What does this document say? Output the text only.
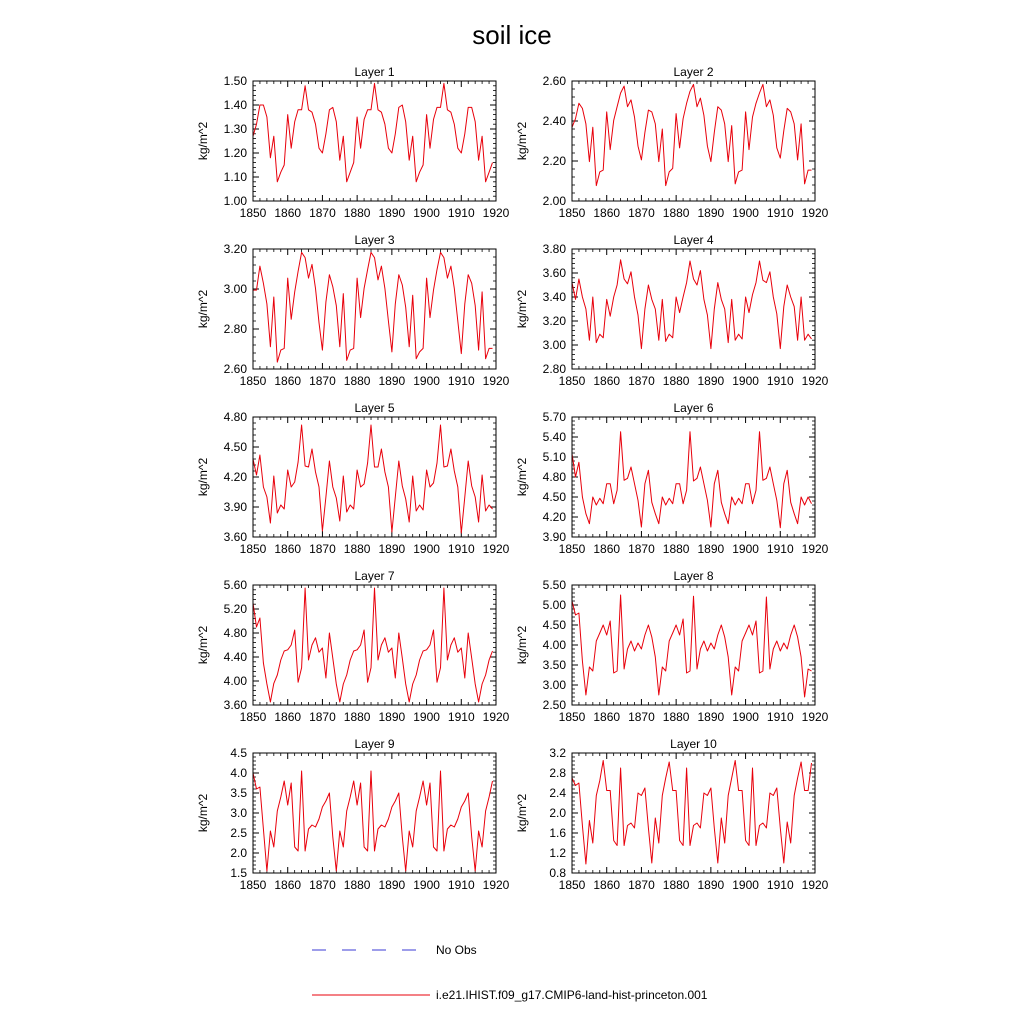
soil ice
Layer 1
kg/m^2
1850 1860 1870 1880 1890 1900 1910 1920
1.00
1.10
1.20
1.30
1.40
1.50
Layer 2
kg/m^2
1850 1860 1870 1880 1890 1900 1910 1920
2.00
2.20
2.40
2.60
Layer 3
kg/m^2
1850 1860 1870 1880 1890 1900 1910 1920
2.60
2.80
3.00
3.20
Layer 4
kg/m^2
1850 1860 1870 1880 1890 1900 1910 1920
2.80
3.00
3.20
3.40
3.60
3.80
Layer 5
kg/m^2
1850 1860 1870 1880 1890 1900 1910 1920
3.60
3.90
4.20
4.50
4.80
Layer 6
kg/m^2
1850 1860 1870 1880 1890 1900 1910 1920
3.90
4.20
4.50
4.80
5.10
5.40
5.70
Layer 7
kg/m^2
1850 1860 1870 1880 1890 1900 1910 1920
3.60
4.00
4.40
4.80
5.20
5.60
Layer 8
kg/m^2
1850 1860 1870 1880 1890 1900 1910 1920
2.50
3.00
3.50
4.00
4.50
5.00
5.50
Layer 9
kg/m^2
1850 1860 1870 1880 1890 1900 1910 1920
1.5
2.0
2.5
3.0
3.5
4.0
4.5
Layer 10
kg/m^2
1850 1860 1870 1880 1890 1900 1910 1920
0.8
1.2
1.6
2.0
2.4
2.8
3.2
No Obs
i.e21.IHIST.f09_g17.CMIP6-land-hist-princeton.001
